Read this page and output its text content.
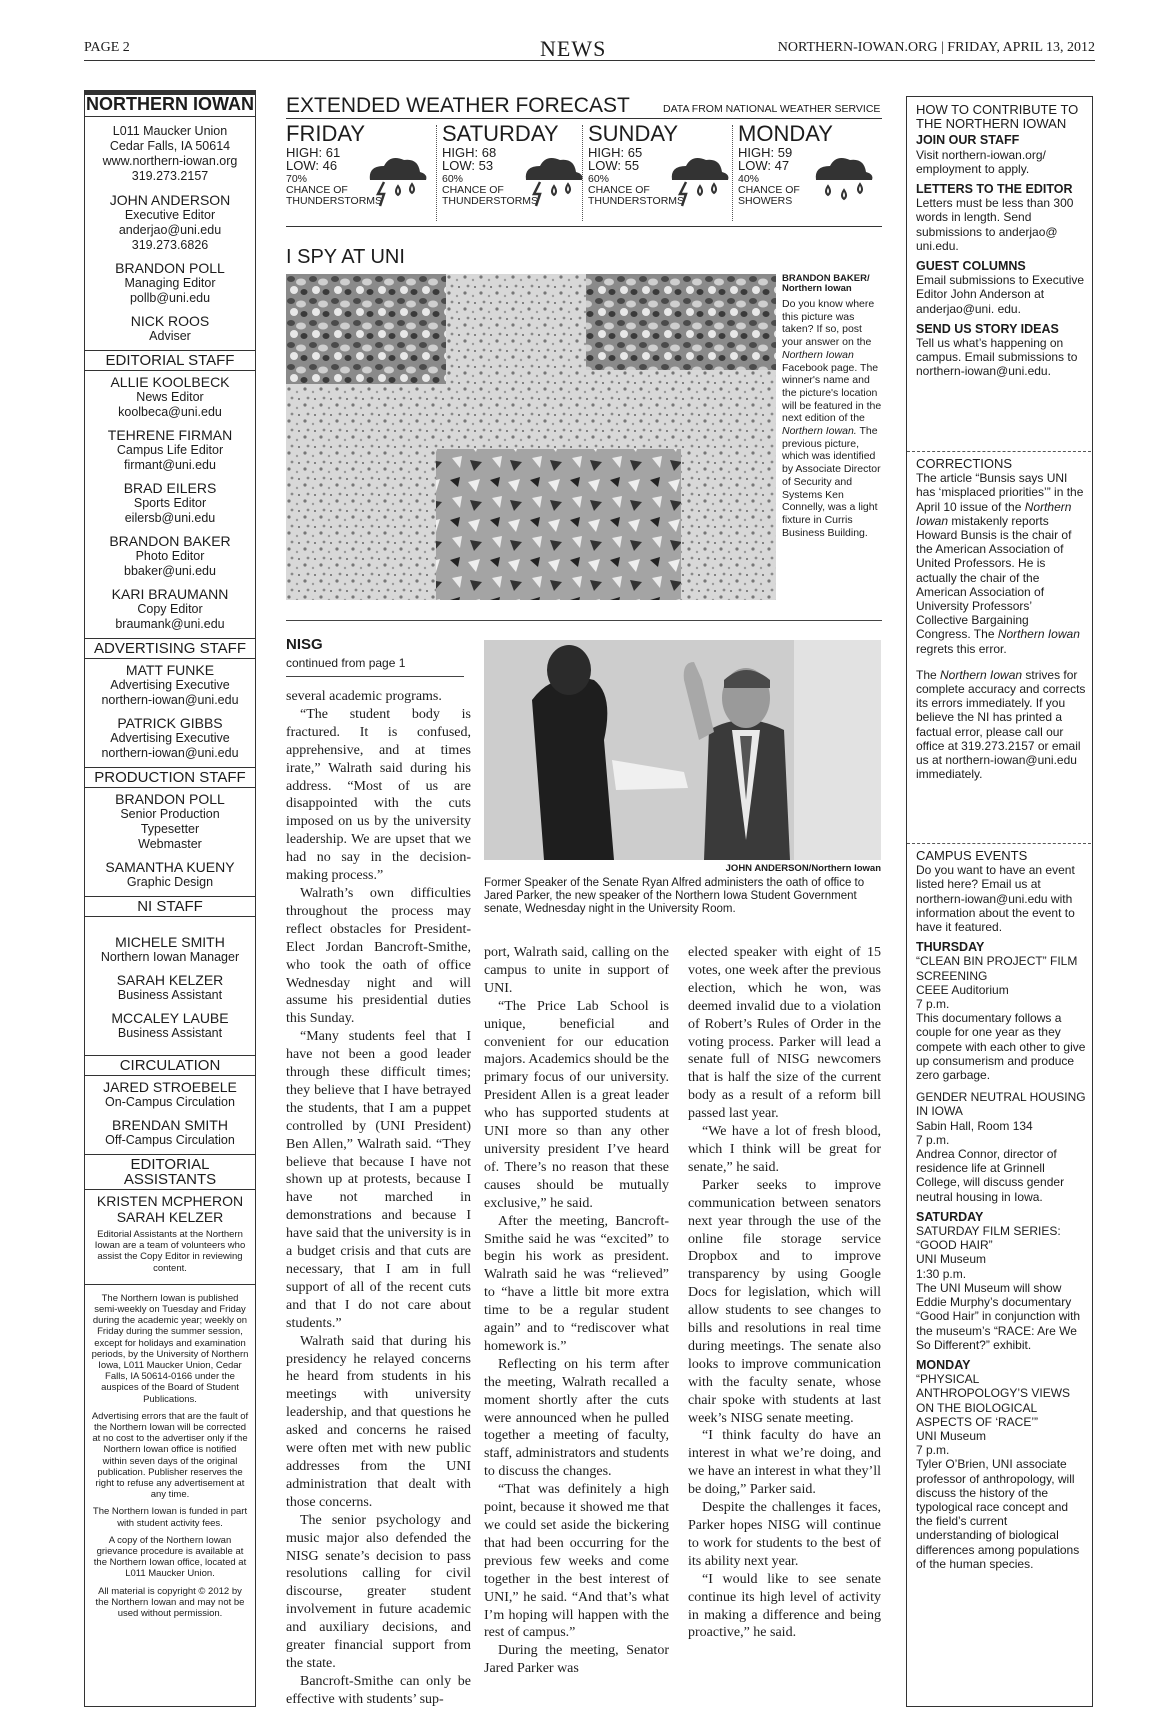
PAGE 2	NEWS	NORTHERN-IOWAN.ORG | FRIDAY, APRIL 13, 2012
NORTHERN IOWAN
L011 Maucker Union
Cedar Falls, IA 50614
www.northern-iowan.org
319.273.2157
JOHN ANDERSON
Executive Editor
anderjao@uni.edu
319.273.6826
BRANDON POLL
Managing Editor
pollb@uni.edu
NICK ROOS
Adviser
EDITORIAL STAFF
ALLIE KOOLBECK
News Editor
koolbeca@uni.edu
TEHRENE FIRMAN
Campus Life Editor
firmant@uni.edu
BRAD EILERS
Sports Editor
eilersb@uni.edu
BRANDON BAKER
Photo Editor
bbaker@uni.edu
KARI BRAUMANN
Copy Editor
braumank@uni.edu
ADVERTISING STAFF
MATT FUNKE
Advertising Executive
northern-iowan@uni.edu
PATRICK GIBBS
Advertising Executive
northern-iowan@uni.edu
PRODUCTION STAFF
BRANDON POLL
Senior Production
Typesetter
Webmaster
SAMANTHA KUENY
Graphic Design
NI STAFF
MICHELE SMITH
Northern Iowan Manager
SARAH KELZER
Business Assistant
MCCALEY LAUBE
Business Assistant
CIRCULATION
JARED STROEBELE
On-Campus Circulation
BRENDAN SMITH
Off-Campus Circulation
EDITORIAL ASSISTANTS
KRISTEN MCPHERON
SARAH KELZER
Editorial Assistants at the Northern Iowan are a team of volunteers who assist the Copy Editor in reviewing content.

The Northern Iowan is published semi-weekly on Tuesday and Friday during the academic year; weekly on Friday during the summer session, except for holidays and examination periods, by the University of Northern Iowa, L011 Maucker Union, Cedar Falls, IA 50614-0166 under the auspices of the Board of Student Publications.

Advertising errors that are the fault of the Northern Iowan will be corrected at no cost to the advertiser only if the Northern Iowan office is notified within seven days of the original publication. Publisher reserves the right to refuse any advertisement at any time.

The Northern Iowan is funded in part with student activity fees.

A copy of the Northern Iowan grievance procedure is available at the Northern Iowan office, located at L011 Maucker Union.

All material is copyright © 2012 by the Northern Iowan and may not be used without permission.

EXTENDED WEATHER FORECAST	DATA FROM NATIONAL WEATHER SERVICE
FRIDAY
HIGH: 61
LOW: 46
70%
CHANCE OF
THUNDERSTORMS
SATURDAY
HIGH: 68
LOW: 53
60%
CHANCE OF
THUNDERSTORMS
SUNDAY
HIGH: 65
LOW: 55
60%
CHANCE OF
THUNDERSTORMS
MONDAY
HIGH: 59
LOW: 47
40%
CHANCE OF
SHOWERS
I SPY AT UNI
BRANDON BAKER/ Northern Iowan
Do you know where this picture was taken? If so, post your answer on the Northern Iowan Facebook page. The winner's name and the picture's location will be featured in the next edition of the Northern Iowan. The previous picture, which was identified by Associate Director of Security and Systems Ken Connelly, was a light fixture in Curris Business Building.
NISG
continued from page 1

several academic programs.

“The student body is fractured. It is confused, apprehensive, and at times irate,” Walrath said during his address. “Most of us are disappointed with the cuts imposed on us by the university leadership. We are upset that we had no say in the decision-making process.”

Walrath’s own difficulties throughout the process may reflect obstacles for President-Elect Jordan Bancroft-Smithe, who took the oath of office Wednesday night and will assume his presidential duties this Sunday.

“Many students feel that I have not been a good leader through these difficult times; they believe that I have betrayed the students, that I am a puppet controlled by (UNI President) Ben Allen,” Walrath said. “They believe that because I have not shown up at protests, because I have not marched in demonstrations and because I have said that the university is in a budget crisis and that cuts are necessary, that I am in full support of all of the recent cuts and that I do not care about students.”

Walrath said that during his presidency he relayed concerns he heard from students in his meetings with university leadership, and that questions he asked and concerns he raised were often met with new public addresses from the UNI administration that dealt with those concerns.

The senior psychology and music major also defended the NISG senate’s decision to pass resolutions calling for civil discourse, greater student involvement in future academic and auxiliary decisions, and greater financial support from the state.

Bancroft-Smithe can only be effective with students’ sup-

JOHN ANDERSON/Northern Iowan
Former Speaker of the Senate Ryan Alfred administers the oath of office to Jared Parker, the new speaker of the Northern Iowa Student Government senate, Wednesday night in the University Room.

port, Walrath said, calling on the campus to unite in support of UNI.

“The Price Lab School is unique, beneficial and convenient for our education majors. Academics should be the primary focus of our university. President Allen is a great leader who has supported students at UNI more so than any other university president I’ve heard of. There’s no reason that these causes should be mutually exclusive,” he said.

After the meeting, Bancroft-Smithe said he was “excited” to begin his work as president. Walrath said he was “relieved” to “have a little bit more extra time to be a regular student again” and to “rediscover what homework is.”

Reflecting on his term after the meeting, Walrath recalled a moment shortly after the cuts were announced when he pulled together a meeting of faculty, staff, administrators and students to discuss the changes.

“That was definitely a high point, because it showed me that we could set aside the bickering that had been occurring for the previous few weeks and come together in the best interest of UNI,” he said. “And that’s what I’m hoping will happen with the rest of campus.”

During the meeting, Senator Jared Parker was

elected speaker with eight of 15 votes, one week after the previous election, which he won, was deemed invalid due to a violation of Robert’s Rules of Order in the voting process. Parker will lead a senate full of NISG newcomers that is half the size of the current body as a result of a reform bill passed last year.

“We have a lot of fresh blood, which I think will be great for senate,” he said.

Parker seeks to improve communication between senators next year through the use of the online file storage service Dropbox and to improve transparency by using Google Docs for legislation, which will allow students to see changes to bills and resolutions in real time during meetings. The senate also looks to improve communication with the faculty senate, whose chair spoke with students at last week’s NISG senate meeting.

“I think faculty do have an interest in what we’re doing, and we have an interest in what they’ll be doing,” Parker said.

Despite the challenges it faces, Parker hopes NISG will continue to work for students to the best of its ability next year.

“I would like to see senate continue its high level of activity in making a difference and being proactive,” he said.

HOW TO CONTRIBUTE TO THE NORTHERN IOWAN
JOIN OUR STAFF
Visit northern-iowan.org/ employment to apply.
LETTERS TO THE EDITOR
Letters must be less than 300 words in length. Send submissions to anderjao@ uni.edu.
GUEST COLUMNS
Email submissions to Executive Editor John Anderson at anderjao@uni. edu.
SEND US STORY IDEAS
Tell us what’s happening on campus. Email submissions to northern-iowan@uni.edu.
CORRECTIONS
The article “Bunsis says UNI has ‘misplaced priorities’” in the April 10 issue of the Northern Iowan mistakenly reports Howard Bunsis is the chair of the American Association of United Professors. He is actually the chair of the American Association of University Professors’ Collective Bargaining Congress. The Northern Iowan regrets this error.
The Northern Iowan strives for complete accuracy and corrects its errors immediately. If you believe the NI has printed a factual error, please call our office at 319.273.2157 or email us at northern-iowan@uni.edu immediately.
CAMPUS EVENTS
Do you want to have an event listed here? Email us at northern-iowan@uni.edu with information about the event to have it featured.
THURSDAY
“CLEAN BIN PROJECT” FILM SCREENING
CEEE Auditorium
7 p.m.
This documentary follows a couple for one year as they compete with each other to give up consumerism and produce zero garbage.
GENDER NEUTRAL HOUSING IN IOWA
Sabin Hall, Room 134
7 p.m.
Andrea Connor, director of residence life at Grinnell College, will discuss gender neutral housing in Iowa.
SATURDAY
SATURDAY FILM SERIES: “GOOD HAIR”
UNI Museum
1:30 p.m.
The UNI Museum will show Eddie Murphy’s documentary “Good Hair” in conjunction with the museum’s “RACE: Are We So Different?” exhibit.
MONDAY
“PHYSICAL ANTHROPOLOGY’S VIEWS ON THE BIOLOGICAL ASPECTS OF ‘RACE’”
UNI Museum
7 p.m.
Tyler O’Brien, UNI associate professor of anthropology, will discuss the history of the typological race concept and the field’s current understanding of biological differences among populations of the human species.
